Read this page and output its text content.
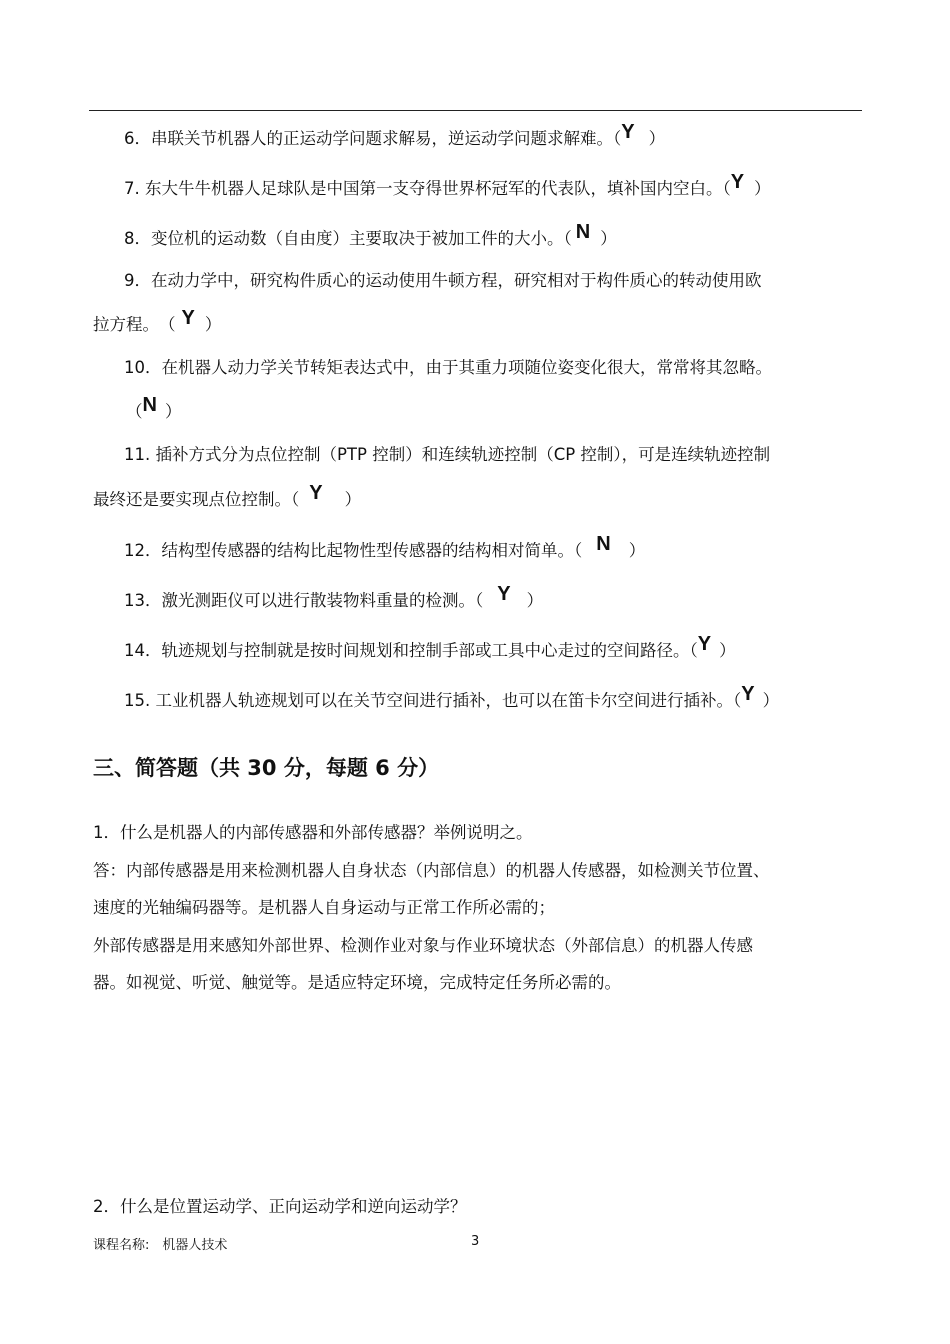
6．串联关节机器人的正运动学问题求解易，逆运动学问题求解难。（Y ）
7. 东大牛牛机器人足球队是中国第一支夺得世界杯冠军的代表队，填补国内空白。（Y ）
8．变位机的运动数（自由度）主要取决于被加工件的大小。（ N ）
9．在动力学中，研究构件质心的运动使用牛顿方程，研究相对于构件质心的转动使用欧
拉方程。　（ Y ）
10．在机器人动力学关节转矩表达式中，由于其重力项随位姿变化很大，常常将其忽略。
（N ）
11. 插补方式分为点位控制（PTP 控制）和连续轨迹控制（CP 控制），可是连续轨迹控制
最终还是要实现点位控制。（ Y ）
12．结构型传感器的结构比起物性型传感器的结构相对简单。（ N ）
13．激光测距仪可以进行散装物料重量的检测。（ Y ）
14．轨迹规划与控制就是按时间规划和控制手部或工具中心走过的空间路径。（Y ）
15. 工业机器人轨迹规划可以在关节空间进行插补，也可以在笛卡尔空间进行插补。（Y ）
三、简答题（共 30 分，每题 6 分）
1．什么是机器人的内部传感器和外部传感器？举例说明之。
答：内部传感器是用来检测机器人自身状态（内部信息）的机器人传感器，如检测关节位置、
速度的光轴编码器等。是机器人自身运动与正常工作所必需的；
外部传感器是用来感知外部世界、检测作业对象与作业环境状态（外部信息）的机器人传感
器。如视觉、听觉、触觉等。是适应特定环境，完成特定任务所必需的。
2．什么是位置运动学、正向运动学和逆向运动学？
课程名称:　机器人技术	3
